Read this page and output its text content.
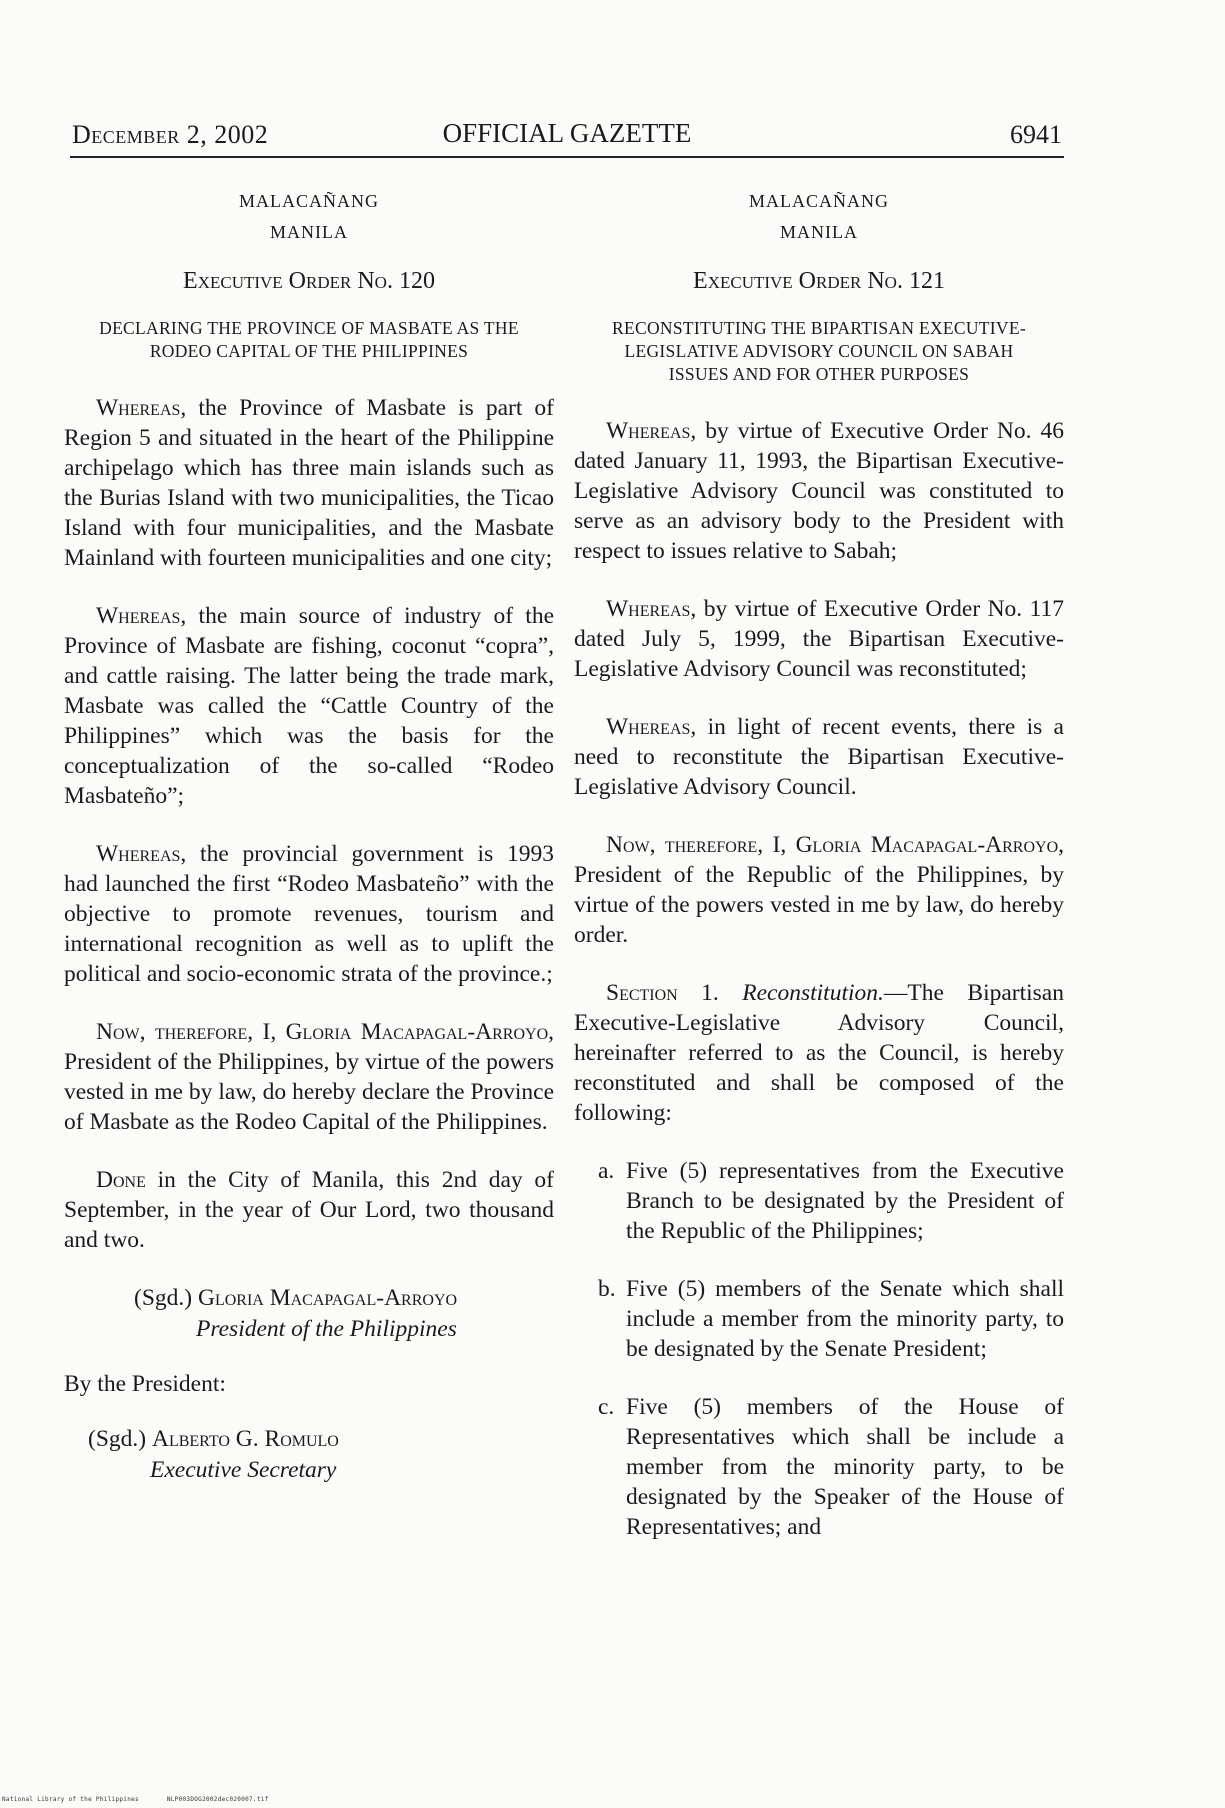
December 2, 2002	OFFICIAL GAZETTE	6941
MALACAÑANG
MANILA
Executive Order No. 120
DECLARING THE PROVINCE OF MASBATE AS THE
RODEO CAPITAL OF THE PHILIPPINES

Whereas, the Province of Masbate is part of Region 5 and situated in the heart of the Philippine archipelago which has three main islands such as the Burias Island with two municipalities, the Ticao Island with four municipalities, and the Masbate Mainland with fourteen municipalities and one city;

Whereas, the main source of industry of the Province of Masbate are fishing, coconut “copra”, and cattle raising. The latter being the trade mark, Masbate was called the “Cattle Country of the Philippines” which was the basis for the conceptualization of the so-called “Rodeo Masbateño”;

Whereas, the provincial government is 1993 had launched the first “Rodeo Masbateño” with the objective to promote revenues, tourism and international recognition as well as to uplift the political and socio-economic strata of the province.;

Now, therefore, I, Gloria Macapagal-Arroyo, President of the Philippines, by virtue of the powers vested in me by law, do hereby declare the Province of Masbate as the Rodeo Capital of the Philippines.

Done in the City of Manila, this 2nd day of September, in the year of Our Lord, two thousand and two.

(Sgd.) Gloria Macapagal-Arroyo
President of the Philippines
By the President:
(Sgd.) Alberto G. Romulo
Executive Secretary
MALACAÑANG
MANILA
Executive Order No. 121
RECONSTITUTING THE BIPARTISAN EXECUTIVE-
LEGISLATIVE ADVISORY COUNCIL ON SABAH
ISSUES AND FOR OTHER PURPOSES

Whereas, by virtue of Executive Order No. 46 dated January 11, 1993, the Bipartisan Executive-Legislative Advisory Council was constituted to serve as an advisory body to the President with respect to issues relative to Sabah;

Whereas, by virtue of Executive Order No. 117 dated July 5, 1999, the Bipartisan Executive-Legislative Advisory Council was reconstituted;

Whereas, in light of recent events, there is a need to reconstitute the Bipartisan Executive-Legislative Advisory Council.

Now, therefore, I, Gloria Macapagal-Arroyo, President of the Republic of the Philippines, by virtue of the powers vested in me by law, do hereby order.

Section 1. Reconstitution.—The Bipartisan Executive-Legislative Advisory Council, hereinafter referred to as the Council, is hereby reconstituted and shall be composed of the following:

a. Five (5) representatives from the Executive Branch to be designated by the President of the Republic of the Philippines;
b. Five (5) members of the Senate which shall include a member from the minority party, to be designated by the Senate President;
c. Five (5) members of the House of Representatives which shall be include a member from the minority party, to be designated by the Speaker of the House of Representatives; and
National Library of the Philippines	NLP003DOG2002dec020007.tif
